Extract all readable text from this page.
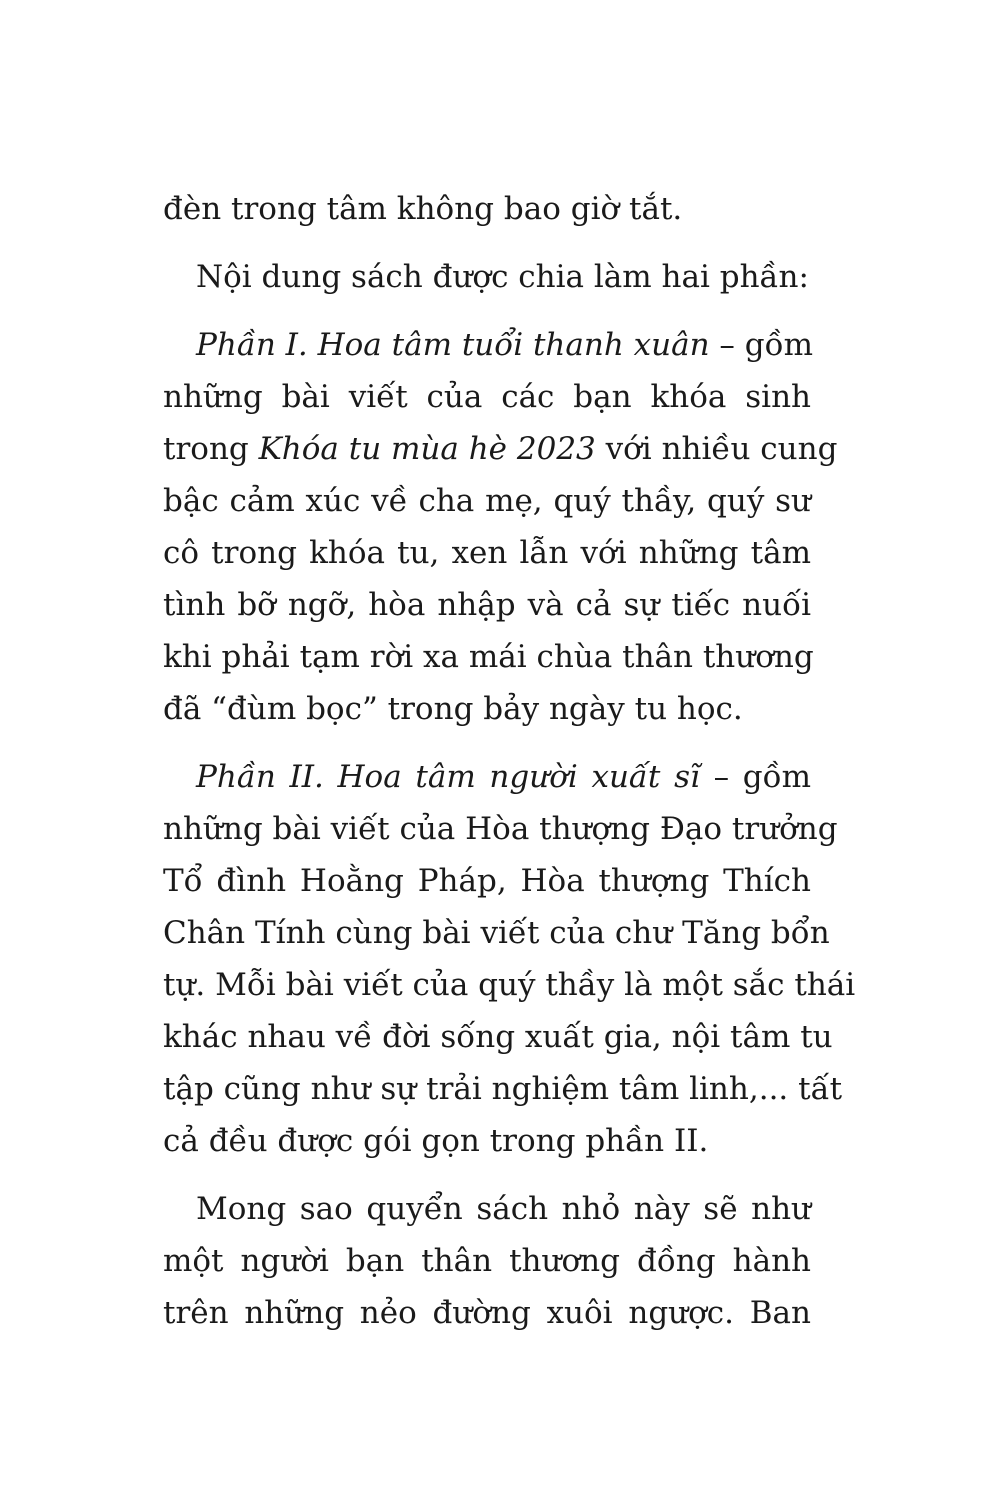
đèn trong tâm không bao giờ tắt.

Nội dung sách được chia làm hai phần:

Phần I. Hoa tâm tuổi thanh xuân – gồm
những bài viết của các bạn khóa sinh
trong Khóa tu mùa hè 2023 với nhiều cung
bậc cảm xúc về cha mẹ, quý thầy, quý sư
cô trong khóa tu, xen lẫn với những tâm
tình bỡ ngỡ, hòa nhập và cả sự tiếc nuối
khi phải tạm rời xa mái chùa thân thương
đã “đùm bọc” trong bảy ngày tu học.

Phần II. Hoa tâm người xuất sĩ – gồm
những bài viết của Hòa thượng Đạo trưởng
Tổ đình Hoằng Pháp, Hòa thượng Thích
Chân Tính cùng bài viết của chư Tăng bổn
tự. Mỗi bài viết của quý thầy là một sắc thái
khác nhau về đời sống xuất gia, nội tâm tu
tập cũng như sự trải nghiệm tâm linh,... tất
cả đều được gói gọn trong phần II.

Mong sao quyển sách nhỏ này sẽ như
một người bạn thân thương đồng hành
trên những nẻo đường xuôi ngược. Ban
